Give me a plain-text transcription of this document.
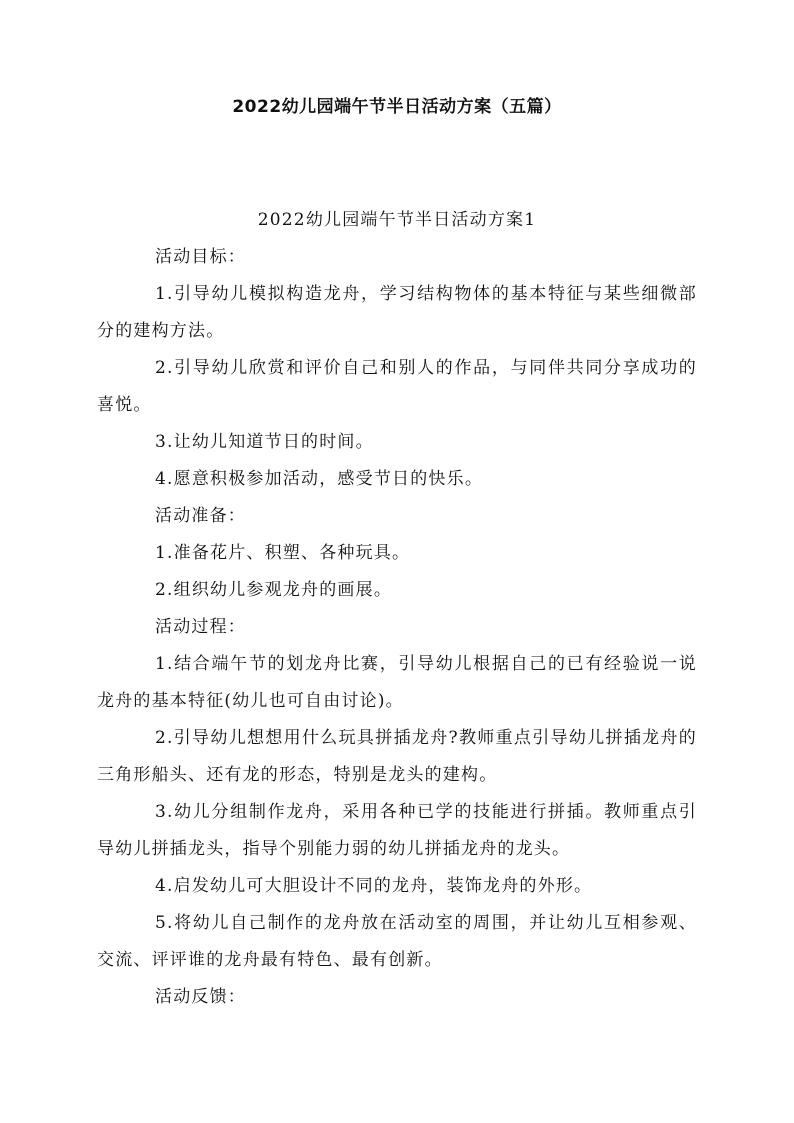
2022幼儿园端午节半日活动方案（五篇）

2022幼儿园端午节半日活动方案1

活动目标：

1.引导幼儿模拟构造龙舟，学习结构物体的基本特征与某些细微部分的建构方法。

2.引导幼儿欣赏和评价自己和别人的作品，与同伴共同分享成功的喜悦。

3.让幼儿知道节日的时间。

4.愿意积极参加活动，感受节日的快乐。

活动准备：

1.准备花片、积塑、各种玩具。

2.组织幼儿参观龙舟的画展。

活动过程：

1.结合端午节的划龙舟比赛，引导幼儿根据自己的已有经验说一说龙舟的基本特征(幼儿也可自由讨论)。

2.引导幼儿想想用什么玩具拼插龙舟?教师重点引导幼儿拼插龙舟的三角形船头、还有龙的形态，特别是龙头的建构。

3.幼儿分组制作龙舟，采用各种已学的技能进行拼插。教师重点引导幼儿拼插龙头，指导个别能力弱的幼儿拼插龙舟的龙头。

4.启发幼儿可大胆设计不同的龙舟，装饰龙舟的外形。

5.将幼儿自己制作的龙舟放在活动室的周围，并让幼儿互相参观、交流、评评谁的龙舟最有特色、最有创新。

活动反馈：
